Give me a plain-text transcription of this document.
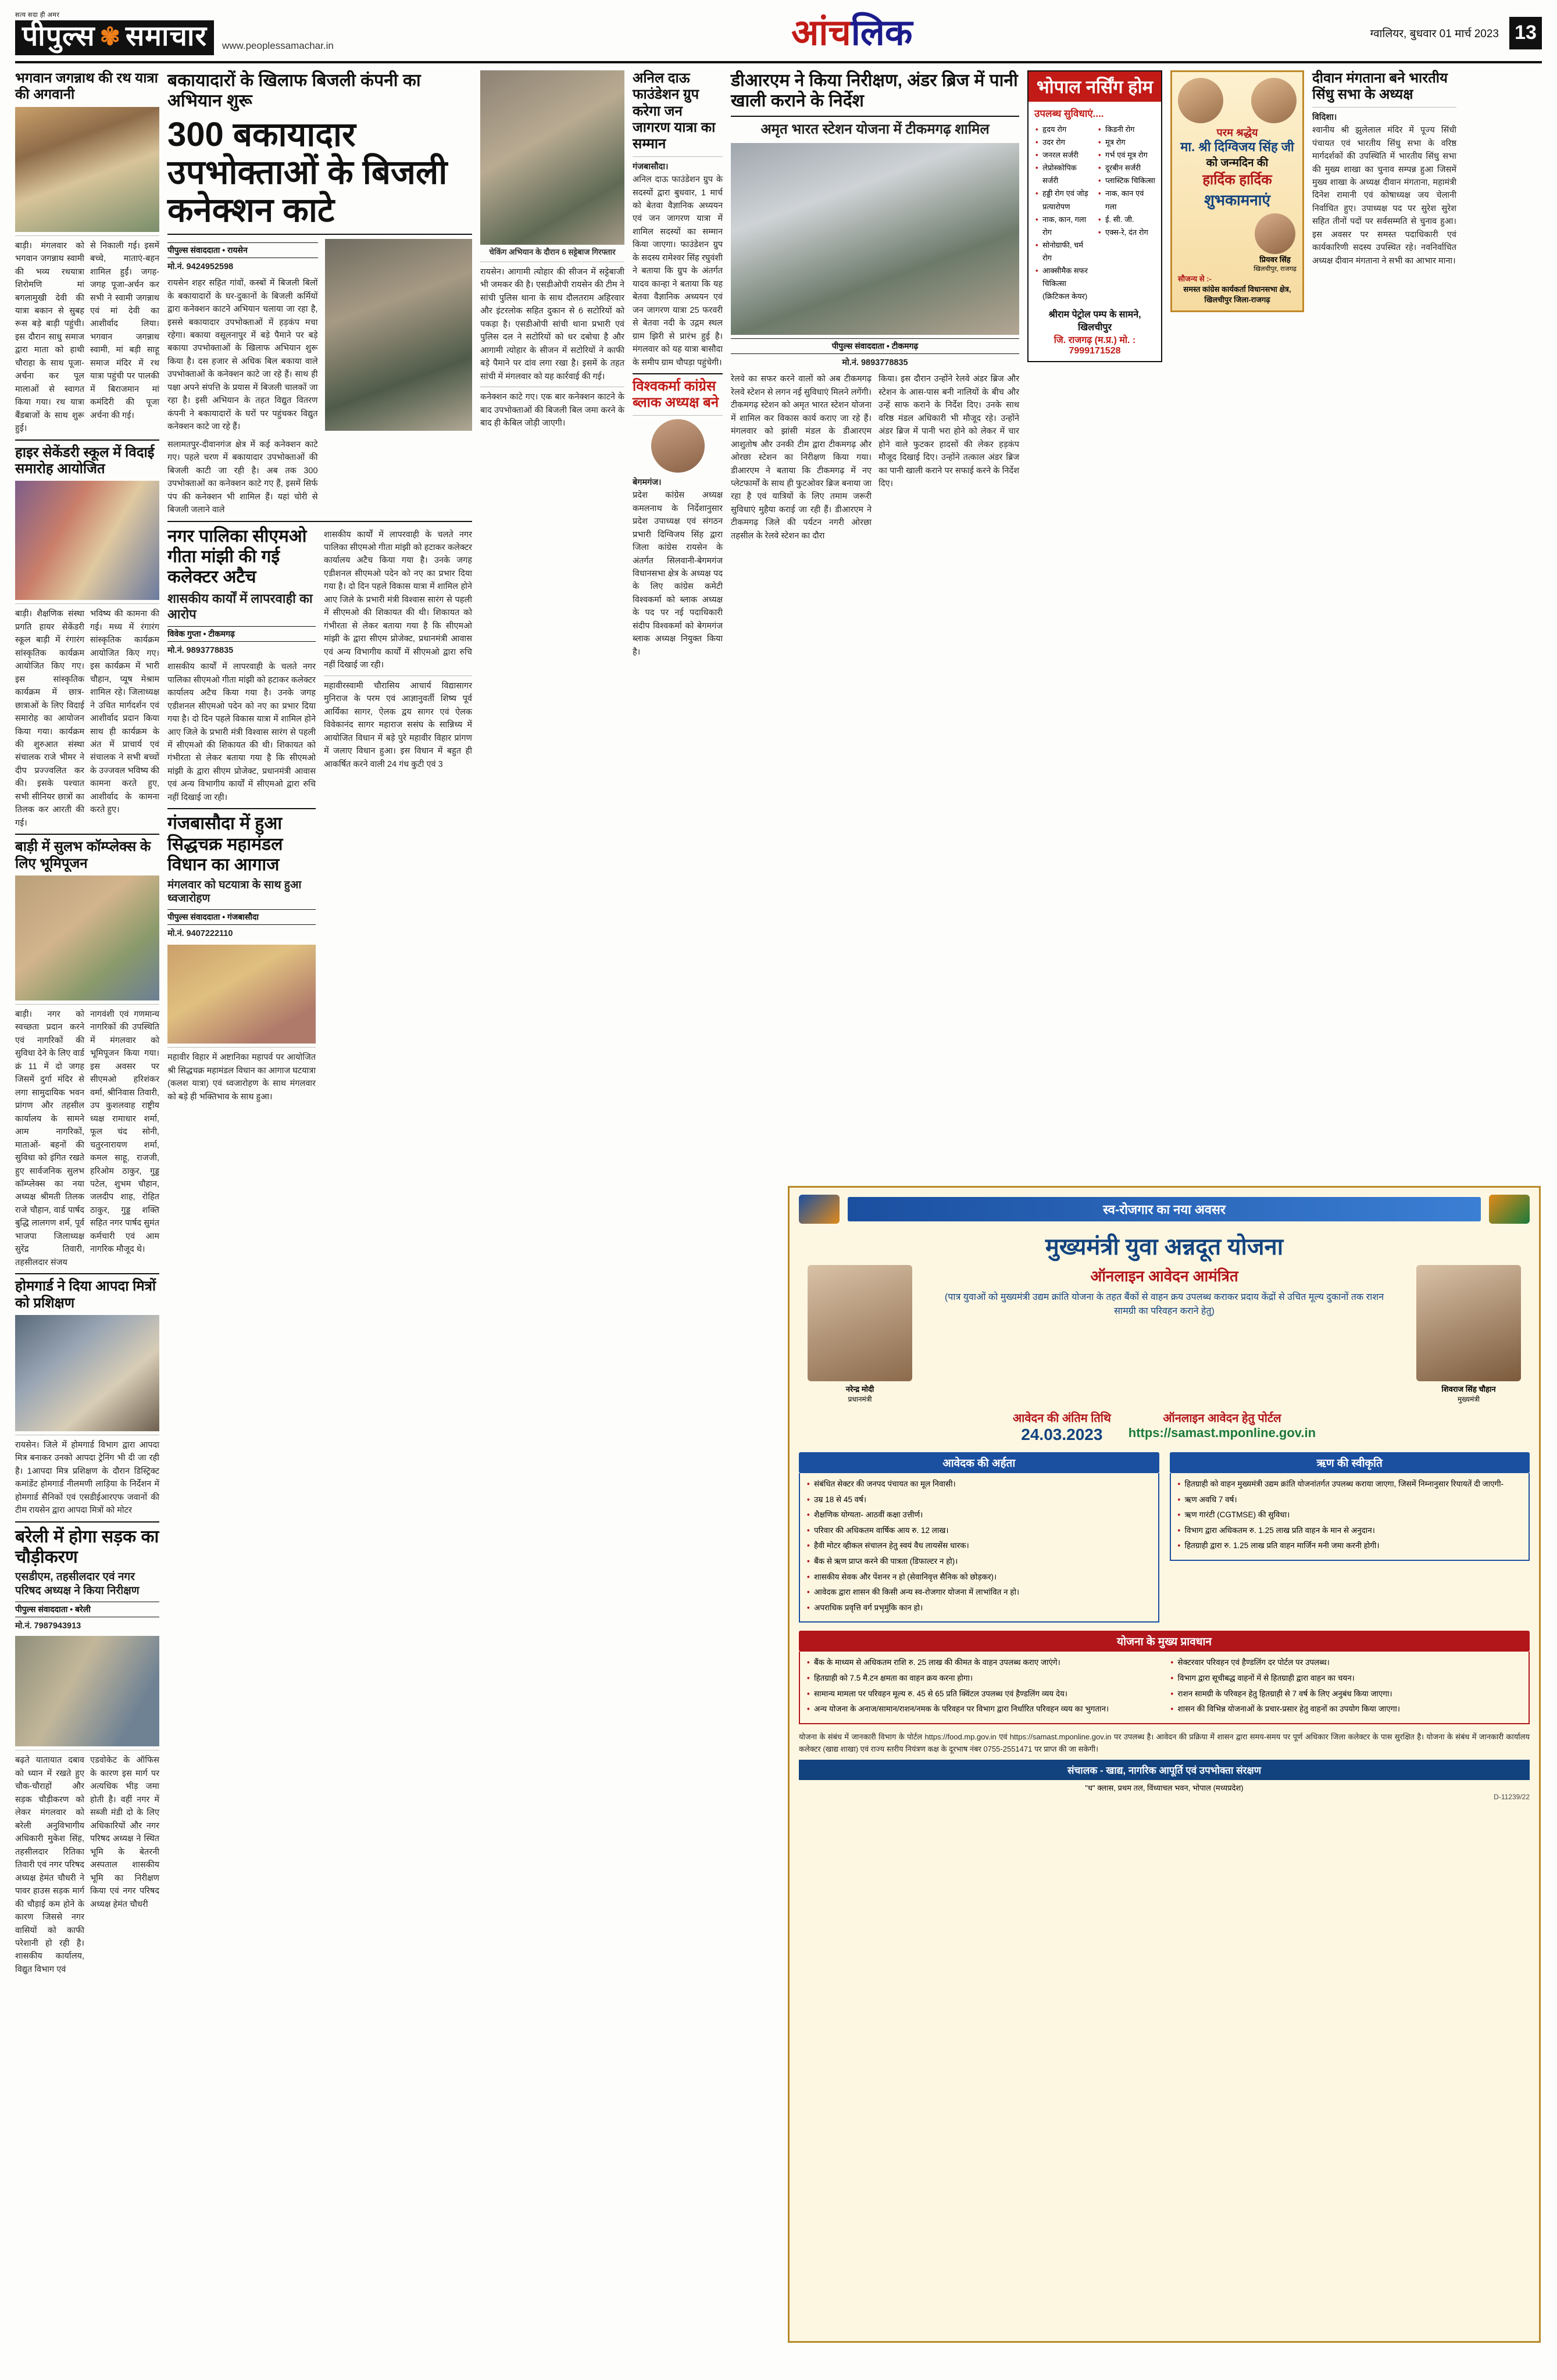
सत्य सदा ही अमर
पीपुल्स ✾ समाचार www.peoplessamachar.in	आंचलिक	ग्वालियर, बुधवार 01 मार्च 2023 13
भगवान जगन्नाथ की रथ यात्रा की अगवानी
बाड़ी। मंगलवार को भगवान जगन्नाथ स्वामी की भव्य रथयात्रा शिरोमणि मां बगलामुखी देवी की यात्रा बकान से सुबह रूस बड़े बाड़ी पहुंची। इस दौरान साधु समाज द्वारा माता को हाथी चौराहा के साथ पूजा-अर्चना कर पूल मालाओं से स्वागत किया गया। रथ यात्रा बैंडबाजों के साथ शुरू हुई।
से निकाली गई। इसमें बच्चे, माताएं-बहन शामिल हुईं। जगह-जगह पूजा-अर्चन कर सभी ने स्वामी जगन्नाथ एवं मां देवी का आशीर्वाद लिया। भगवान जगन्नाथ स्वामी, मां बड़ी साहू समाज मंदिर में रथ यात्रा पहुंची पर पालकी में बिराजमान मां कमंदिरी की पूजा अर्चना की गई।
हाइर सेकेंडरी स्कूल में विदाई समारोह आयोजित
बाड़ी। शैक्षणिक संस्था प्रगति हायर सेकेंडरी स्कूल बाड़ी में रंगारंग सांस्कृतिक कार्यक्रम आयोजित किए गए। इस सांस्कृतिक कार्यक्रम में छात्र-छात्राओं के लिए विदाई समारोह का आयोजन किया गया। कार्यक्रम की शुरुआत संस्था संचालक राजे भीमर ने दीप प्रज्ज्वलित कर की। इसके पश्चात सभी सीनियर छात्रों का तिलक कर आरती की गई।
भविष्य की कामना की गई। मध्य में रंगारंग सांस्कृतिक कार्यक्रम आयोजित किए गए। इस कार्यक्रम में भारी चौहान, प्यूष मेश्राम शामिल रहे। जिलाध्यक्ष ने उचित मार्गदर्शन एवं आशीर्वाद प्रदान किया साथ ही कार्यक्रम के अंत में प्राचार्य एवं संचालक ने सभी बच्चों के उज्जवल भविष्य की कामना करते हुए, आशीर्वाद के कामना करते हुए।
बाड़ी में सुलभ कॉम्प्लेक्स के लिए भूमिपूजन
बाड़ी। नगर को स्वच्छता प्रदान करने एवं नागरिकों की सुविधा देने के लिए वार्ड क्रं 11 में दो जगह जिसमें दुर्गा मंदिर से लगा सामुदायिक भवन प्रांगण और तहसील कार्यालय के सामने आम नागरिकों, माताओं- बहनों की सुविधा को इंगित रखते हुए सार्वजनिक सुलभ कॉम्प्लेक्स का नया अध्यक्ष श्रीमती तिलक राजे चौहान, वार्ड पार्षद बुद्धि लालगण शर्म, पूर्व भाजपा जिलाध्यक्ष सुरेंद्र तिवारी, तहसीलदार संजय
नागवंशी एवं गणमान्य नागरिकों की उपस्थिति में मंगलवार को भूमिपूजन किया गया। इस अवसर पर सीएमओ हरिशंकर वर्मा, श्रीनिवास तिवारी, उप कुशलवाह राष्ट्रीय ध्यक्ष रामाधार शर्मा, फूल चंद सोनी, चतुरनारायण शर्मा, कमल साहू, राजजी, हरिओम ठाकुर, गुड्ड पटेल, शुभम चौहान, जलदीप शाह, रोहित ठाकुर, गुड्ड शक्ति सहित नगर पार्षद सुमंत कर्मचारी एवं आम नागरिक मौजूद थे।
होमगार्ड ने दिया आपदा मित्रों को प्रशिक्षण
रायसेन। जिले में होमगार्ड विभाग द्वारा आपदा मित्र बनाकर उनको आपदा ट्रेनिंग भी दी जा रही है। 1आपदा मित्र प्रशिक्षण के दौरान डिस्ट्रिक्ट कमांडेंट होमगार्ड नीलमणी लाड़िया के निर्देशन में होमगार्ड सैनिकों एवं एसडीईआरएफ जवानों की टीम रायसेन द्वारा आपदा मित्रों को मोटर
बरेली में होगा सड़क का चौड़ीकरण
एसडीएम, तहसीलदार एवं नगर परिषद अध्यक्ष ने किया निरीक्षण
पीपुल्स संवाददाता • बरेली
मो.नं. 7987943913
बढ़ते यातायात दबाव को ध्यान में रखते हुए चौक-चौराहों और सड़क चौड़ीकरण को लेकर मंगलवार को बरेली अनुविभागीय अधिकारी मुकेश सिंह, तहसीलदार रितिका तिवारी एवं नगर परिषद अध्यक्ष हेमंत चौधरी ने पावर हाउस सड़क मार्ग की चौड़ाई कम होने के कारण जिससे नगर वासियों को काफी परेशानी हो रही है। शासकीय कार्यालय, विद्युत विभाग एवं
एडवोकेट के ऑफिस के कारण इस मार्ग पर अत्यधिक भीड़ जमा होती है। वहीं नगर में सब्जी मंडी दो के लिए अधिकारियों और नगर परिषद अध्यक्ष ने स्थित भूमि के बेतरनी अस्पताल शासकीय भूमि का निरीक्षण किया एवं नगर परिषद अध्यक्ष हेमंत चौधरी
बकायादारों के खिलाफ बिजली कंपनी का अभियान शुरू
300 बकायादार उपभोक्ताओं के बिजली कनेक्शन काटे
पीपुल्स संवाददाता • रायसेन
मो.नं. 9424952598
रायसेन शहर सहित गांवों, कस्बों में बिजली बिलों के बकायादारों के घर-दुकानों के बिजली कर्मियों द्वारा कनेक्शन काटने अभियान चलाया जा रहा है, इससे बकायादार उपभोक्ताओं में हड़कंप मचा रहेगा। बकाया वसूलनापुर में बड़े पैमाने पर बड़े बकाया उपभोक्ताओं के खिलाफ अभियान शुरू किया है। दस हजार से अधिक बिल बकाया वाले उपभोक्ताओं के कनेक्शन काटे जा रहे हैं। साथ ही पक्षा अपने संपत्ति के प्रयास में बिजली चालकों जा रहा है। इसी अभियान के तहत विद्युत वितरण कंपनी ने बकायादारों के घरों पर पहुंचकर विद्युत कनेक्शन काटे जा रहे हैं।
सलामतपुर-दीवानगंज क्षेत्र में कई कनेक्शन काटे गए। पहले चरण में बकायादार उपभोक्ताओं की बिजली काटी जा रही है। अब तक 300 उपभोक्ताओं का कनेक्शन काटे गए हैं, इसमें सिर्फ पंप की कनेक्शन भी शामिल हैं। यहां चोरी से बिजली जलाने वाले
नगर पालिका सीएमओ गीता मांझी की गई कलेक्टर अटैच
शासकीय कार्यों में लापरवाही का आरोप
विवेक गुप्ता • टीकमगढ़
मो.नं. 9893778835
शासकीय कार्यों में लापरवाही के चलते नगर पालिका सीएमओ गीता मांझी को हटाकर कलेक्टर कार्यालय अटैच किया गया है। उनके जगह एडीशनल सीएमओ पदेन को नए का प्रभार दिया गया है। दो दिन पहले विकास यात्रा में शामिल होने आए जिले के प्रभारी मंत्री विश्वास सारंग से पहली में सीएमओ की शिकायत की थी। शिकायत को गंभीरता से लेकर बताया गया है कि सीएमओ मांझी के द्वारा सीएम प्रोजेक्ट, प्रधानमंत्री आवास एवं अन्य विभागीय कार्यों में सीएमओ द्वारा रुचि नहीं दिखाई जा रही।
गंजबासौदा में हुआ सिद्धचक्र महामंडल विधान का आगाज
मंगलवार को घटयात्रा के साथ हुआ ध्वजारोहण
पीपुल्स संवाददाता • गंजबासौदा
मो.नं. 9407222110
महावीर विहार में अष्टानिका महापर्व पर आयोजित श्री सिद्धचक्र महामंडल विधान का आगाज घटयात्रा (कलश यात्रा) एवं ध्वजारोहण के साथ मंगलवार को बड़े ही भक्तिभाव के साथ हुआ।
शासकीय कार्यों में लापरवाही के चलते नगर पालिका सीएमओ गीता मांझी को हटाकर कलेक्टर कार्यालय अटैच किया गया है। उनके जगह एडीशनल सीएमओ पदेन को नए का प्रभार दिया गया है। दो दिन पहले विकास यात्रा में शामिल होने आए जिले के प्रभारी मंत्री विश्वास सारंग से पहली में सीएमओ की शिकायत की थी। शिकायत को गंभीरता से लेकर बताया गया है कि सीएमओ मांझी के द्वारा सीएम प्रोजेक्ट, प्रधानमंत्री आवास एवं अन्य विभागीय कार्यों में सीएमओ द्वारा रुचि नहीं दिखाई जा रही।
महावीरस्वामी चौरासिय आचार्य विद्यासागर मुनिराज के परम एवं आज्ञानुवर्ती शिष्य पूर्व आर्यिका सागर, ऐलक द्वय सागर एवं ऐलक विवेकानंद सागर महाराज ससंघ के सान्निध्य में आयोजित विधान में बड़े पुरे महावीर विहार प्रांगण में जलाए विधान हुआ। इस विधान में बहुत ही आकर्षित करने वाली 24 गंध कुटी एवं 3
चेकिंग अभियान के दौरान 6 सट्टेबाज गिरफ्तार
रायसेन। आगामी त्योहार की सीजन में सट्टेबाजी भी जमकर की है। एसडीओपी रायसेन की टीम ने सांची पुलिस थाना के साथ दौलतराम अहिरवार और इंटरलोक सहित दुकान से 6 सटोरियों को पकड़ा है। एसडीओपी सांची थाना प्रभारी एवं पुलिस दल ने सटोरियों को धर दबोचा है और आगामी त्योहार के सीजन में सटोरियों ने काफी बड़े पैमाने पर दांव लगा रखा है। इसमें के तहत सांची में मंगलवार को यह कार्रवाई की गई।
कनेक्शन काटे गए। एक बार कनेक्शन काटने के बाद उपभोक्ताओं की बिजली बिल जमा करने के बाद ही केबिल जोड़ी जाएगी।
अनिल दाऊ फाउंडेशन ग्रुप करेगा जन जागरण यात्रा का सम्मान
गंजबासौदा।
अनिल दाऊ फाउंडेशन ग्रुप के सदस्यों द्वारा बुधवार, 1 मार्च को बेतवा वैज्ञानिक अध्ययन एवं जन जागरण यात्रा में शामिल सदस्यों का सम्मान किया जाएगा। फाउंडेशन ग्रुप के सदस्य रामेश्वर सिंह रघुवंशी ने बताया कि ग्रुप के अंतर्गत यादव कान्हा ने बताया कि यह बेतवा वैज्ञानिक अध्ययन एवं जन जागरण यात्रा 25 फरवरी से बेतवा नदी के उद्गम स्थल ग्राम झिरी से प्रारंभ हुई है। मंगलवार को यह यात्रा बासौदा के समीप ग्राम चौपड़ा पहुंचेगी।
विश्वकर्मा कांग्रेस ब्लाक अध्यक्ष बने
बेगमगंज।
प्रदेश कांग्रेस अध्यक्ष कमलनाथ के निर्देशानुसार प्रदेश उपाध्यक्ष एवं संगठन प्रभारी दिग्विजय सिंह द्वारा जिला कांग्रेस रायसेन के अंतर्गत सिलवानी-बेगमगंज विधानसभा क्षेत्र के अध्यक्ष पद के लिए कांग्रेस कमेटी विश्वकर्मा को ब्लाक अध्यक्ष के पद पर नई पदाधिकारी संदीप विश्वकर्मा को बेगमगंज ब्लाक अध्यक्ष नियुक्त किया है।
डीआरएम ने किया निरीक्षण, अंडर ब्रिज में पानी खाली कराने के निर्देश
अमृत भारत स्टेशन योजना में टीकमगढ़ शामिल
पीपुल्स संवाददाता • टीकमगढ़
मो.नं. 9893778835
रेलवे का सफर करने वालों को अब टीकमगढ़ रेलवे स्टेशन से लगन नई सुविधाएं मिलने लगेंगी। टीकमगढ़ स्टेशन को अमृत भारत स्टेशन योजना में शामिल कर विकास कार्य कराए जा रहे हैं। मंगलवार को झांसी मंडल के डीआरएम आशुतोष और उनकी टीम द्वारा टीकमगढ़ और ओरछा स्टेशन का निरीक्षण किया गया। डीआरएम ने बताया कि टीकमगढ़ में नए प्लेटफार्मों के साथ ही फुटओवर ब्रिज बनाया जा रहा है एवं यात्रियों के लिए तमाम जरूरी सुविधाएं मुहैया कराई जा रही हैं। डीआरएम ने टीकमगढ़ जिले की पर्यटन नगरी ओरछा तहसील के रेलवे स्टेशन का दौरा
किया। इस दौरान उन्होंने रेलवे अंडर ब्रिज और स्टेशन के आस-पास बनी नालियों के बीच और उन्हें साफ कराने के निर्देश दिए। उनके साथ वरिष्ठ मंडल अधिकारी भी मौजूद रहे। उन्होंने अंडर ब्रिज में पानी भरा होने को लेकर में चार होने वाले फुटकर हादसों की लेकर हड़कंप मौजूद दिखाई दिए। उन्होंने तत्काल अंडर ब्रिज का पानी खाली कराने पर सफाई करने के निर्देश दिए।
भोपाल नर्सिंग होम
उपलब्ध सुविधाएं....
• हृदय रोग
• उदर रोग
• जनरल सर्जरी
• लेप्रोस्कोपिक सर्जरी
• हड्डी रोग एवं जोड़ प्रत्यारोपण
• नाक, कान, गला रोग
• सोनोग्राफी, चर्म रोग
• आक्सीमैक सफर चिकित्सा (क्रिटिकल केयर)
• किडनी रोग
• मूत्र रोग
• गर्भ एवं मूत्र रोग
• दूरबीन सर्जरी
• प्लास्टिक चिकित्सा
• नाक, कान एवं गला
• ई. सी. जी.
• एक्स-रे, दंत रोग
श्रीराम पेट्रोल पम्प के सामने, खिलचीपुर
जि. राजगढ़ (म.प्र.) मो. : 7999171528
परम श्रद्धेय
मा. श्री दिग्विजय सिंह जी
को जन्मदिन की
हार्दिक हार्दिक
शुभकामनाएं
प्रियवर सिंह
खिलचीपुर, राजगढ़
सौजन्य से :-
समस्त कांग्रेस कार्यकर्ता विधानसभा क्षेत्र, खिलचीपुर जिला-राजगढ़
दीवान मंगताना बने भारतीय सिंधु सभा के अध्यक्ष
विदिशा।
श्वानीय श्री झुलेलाल मंदिर में पूज्य सिंधी पंचायत एवं भारतीय सिंधु सभा के वरिष्ठ मार्गदर्शकों की उपस्थिति में भारतीय सिंधु सभा की मुख्य शाखा का चुनाव सम्पन्न हुआ जिसमें मुख्य शाखा के अध्यक्ष दीवान मंगताना, महामंत्री दिनेश रामानी एवं कोषाध्यक्ष जय चेलानी निर्वाचित हुए। उपाध्यक्ष पद पर सुरेश सुरेश सहित तीनों पदों पर सर्वसम्मति से चुनाव हुआ। इस अवसर पर समस्त पदाधिकारी एवं कार्यकारिणी सदस्य उपस्थित रहे। नवनिर्वाचित अध्यक्ष दीवान मंगताना ने सभी का आभार माना।
स्व-रोजगार का नया अवसर
मुख्यमंत्री युवा अन्नदूत योजना
नरेन्द्र मोदी
प्रधानमंत्री
ऑनलाइन आवेदन आमंत्रित
(पात्र युवाओं को मुख्यमंत्री उद्यम क्रांति योजना के तहत बैंकों से वाहन क्रय उपलब्ध कराकर प्रदाय केंद्रों से उचित मूल्य दुकानों तक राशन सामग्री का परिवहन कराने हेतु)
शिवराज सिंह चौहान
मुख्यमंत्री
आवेदन की अंतिम तिथि
24.03.2023
ऑनलाइन आवेदन हेतु पोर्टल
https://samast.mponline.gov.in
आवेदक की अर्हता
• संबंधित सेक्टर की जनपद पंचायत का मूल निवासी।
• उम्र 18 से 45 वर्ष।
• शैक्षणिक योग्यता- आठवीं कक्षा उत्तीर्ण।
• परिवार की अधिकतम वार्षिक आय रु. 12 लाख।
• हैवी मोटर व्हीकल संचालन हेतु स्वयं वैध लायसेंस धारक।
• बैंक से ऋण प्राप्त करने की पात्रता (डिफाल्टर न हो)।
• शासकीय सेवक और पेंशनर न हो (सेवानिवृत्त सैनिक को छोड़कर)।
• आवेदक द्वारा शासन की किसी अन्य स्व-रोजगार योजना में लाभांवित न हो।
• अपराधिक प्रवृत्ति वर्ग प्रभृमुंकि कान हो।
ऋण की स्वीकृति
• हितग्राही को वाहन मुख्यमंत्री उद्यम क्रांति योजनांतर्गत उपलब्ध कराया जाएगा, जिसमें निम्नानुसार रियायतें दी जाएगी-
• ऋण अवधि 7 वर्ष।
• ऋण गारंटी (CGTMSE) की सुविधा।
• विभाग द्वारा अधिकतम रु. 1.25 लाख प्रति वाहन के मान से अनुदान।
• हितग्राही द्वारा रु. 1.25 लाख प्रति वाहन मार्जिन मनी जमा करनी होगी।
योजना के मुख्य प्रावधान
• बैंक के माध्यम से अधिकतम राशि रु. 25 लाख की कीमत के वाहन उपलब्ध कराए जाएंगे।
• हितग्राही को 7.5 मै.टन क्षमता का वाहन क्रय करना होगा।
• सामान्य मामला पर परिवहन मूल्य रु. 45 से 65 प्रति क्विंटल उपलब्ध एवं हैण्डलिंग व्यय देय।
• अन्य योजना के अनाज/सामान/राशन/नमक के परिवहन पर विभाग द्वारा निर्धारित परिवहन व्यय का भुगतान।
• सेक्टरवार परिवहन एवं हैण्डलिंग दर पोर्टल पर उपलब्ध।
• विभाग द्वारा सूचीबद्ध वाहनों में से हितग्राही द्वारा वाहन का चयन।
• राशन सामग्री के परिवहन हेतु हितग्राही से 7 वर्ष के लिए अनुबंध किया जाएगा।
• शासन की विभिन्न योजनाओं के प्रचार-प्रसार हेतु वाहनों का उपयोग किया जाएगा।
योजना के संबंध में जानकारी विभाग के पोर्टल https://food.mp.gov.in एवं https://samast.mponline.gov.in पर उपलब्ध है। आवेदन की प्रक्रिया में शासन द्वारा समय-समय पर पूर्ण अधिकार जिला कलेक्टर के पास सुरक्षित है। योजना के संबंध में जानकारी कार्यालय कलेक्टर (खाद्य शाखा) एवं राज्य स्तरीय नियंत्रण कक्ष के दूरभाष नंबर 0755-2551471 पर प्राप्त की जा सकेगी।
संचालक - खाद्य, नागरिक आपूर्ति एवं उपभोक्ता संरक्षण
"ध" क्लास, प्रथम तल, विंध्याचल भवन, भोपाल (मध्यप्रदेश)
D-11239/22
